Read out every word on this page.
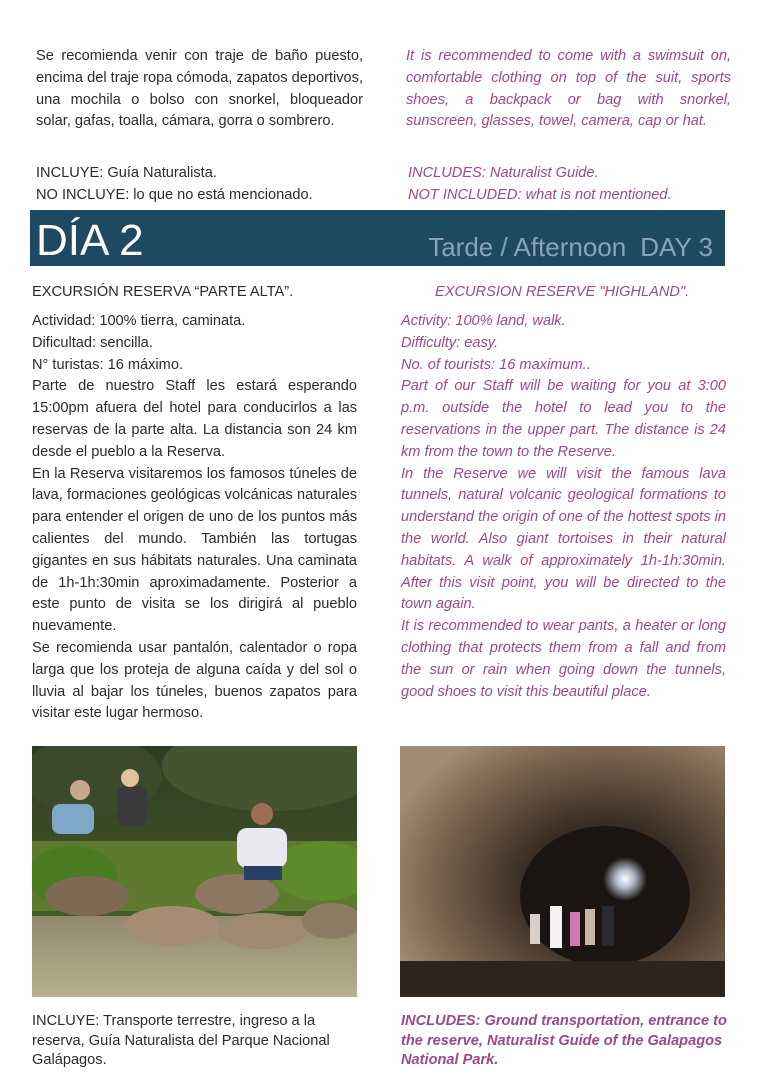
Se recomienda venir con traje de baño puesto, encima del traje ropa cómoda, zapatos deportivos, una mochila o bolso con snorkel, bloqueador solar, gafas, toalla, cámara, gorra o sombrero.
INCLUYE: Guía Naturalista.
NO INCLUYE: lo que no está mencionado.
It is recommended to come with a swimsuit on, comfortable clothing on top of the suit, sports shoes, a backpack or bag with snorkel, sunscreen, glasses, towel, camera, cap or hat.
INCLUDES: Naturalist Guide.
NOT INCLUDED: what is not mentioned.
DÍA 2	Tarde / Afternoon DAY 3
EXCURSIÓN RESERVA “PARTE ALTA”.	EXCURSION RESERVE "HIGHLAND".
Actividad: 100% tierra, caminata.
Dificultad: sencilla.
N° turistas: 16 máximo.
Parte de nuestro Staff les estará esperando 15:00pm afuera del hotel para conducirlos a las reservas de la parte alta. La distancia son 24 km desde el pueblo a la Reserva.
En la Reserva visitaremos los famosos túneles de lava, formaciones geológicas volcánicas naturales para entender el origen de uno de los puntos más calientes del mundo. También las tortugas gigantes en sus hábitats naturales. Una caminata de 1h-1h:30min aproximadamente. Posterior a este punto de visita se los dirigirá al pueblo nuevamente.
Se recomienda usar pantalón, calentador o ropa larga que los proteja de alguna caída y del sol o lluvia al bajar los túneles, buenos zapatos para visitar este lugar hermoso.
Activity: 100% land, walk.
Difficulty: easy.
No. of tourists: 16 maximum..
Part of our Staff will be waiting for you at 3:00 p.m. outside the hotel to lead you to the reservations in the upper part. The distance is 24 km from the town to the Reserve.
In the Reserve we will visit the famous lava tunnels, natural volcanic geological formations to understand the origin of one of the hottest spots in the world. Also giant tortoises in their natural habitats. A walk of approximately 1h-1h:30min. After this visit point, you will be directed to the town again.
It is recommended to wear pants, a heater or long clothing that protects them from a fall and from the sun or rain when going down the tunnels, good shoes to visit this beautiful place.
INCLUYE: Transporte terrestre, ingreso a la reserva, Guía Naturalista del Parque Nacional Galápagos.
INCLUDES: Ground transportation, entrance to the reserve, Naturalist Guide of the Galapagos National Park.
